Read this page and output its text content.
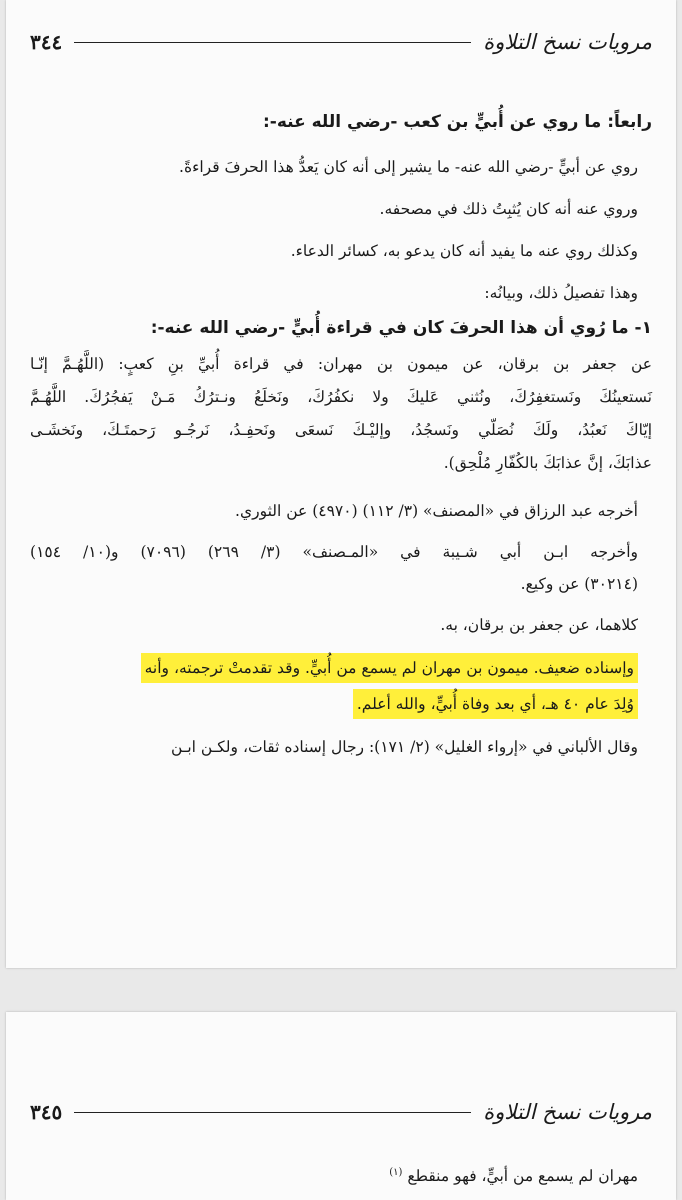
مرويات نسخ التلاوة
٣٤٤
رابعاً: ما روي عن أُبيٍّ بن كعب -رضي الله عنه-:
روي عن أبيٍّ -رضي الله عنه- ما يشير إلى أنه كان يَعدُّ هذا الحرفَ قراءةً.
وروي عنه أنه كان يُثبِتُ ذلك في مصحفه.
وكذلك روي عنه ما يفيد أنه كان يدعو به، كسائر الدعاء.
وهذا تفصيلُ ذلك، وبيانُه:
١- ما رُوي أن هذا الحرفَ كان في قراءة أُبيٍّ -رضي الله عنه-:
عن جعفر بن برقان، عن ميمون بن مهران: في قراءة أُبيِّ بنِ كعبٍ: (اللَّهُـمَّ إنّـا
نَستعينُكَ ونَستغفِرُكَ، ونُثني عَليكَ ولا نكفُرُكَ، ونَخلَعُ ونـترُكُ مَـنْ يَفجُرُكَ. اللَّهُـمَّ
إيّاكَ نَعبُدُ، ولَكَ نُصَلّي ونَسجُدُ، وإليْـكَ نَسعَى ونَحفِـدُ، نَرجُـو رَحمتَـكَ، ونَخشَـى
عذابَكَ، إنَّ عذابَكَ بالكُفّارِ مُلْحِق).
أخرجه عبد الرزاق في «المصنف» (٣/ ١١٢) (٤٩٧٠) عن الثوري.
وأخرجه ابـن أبي شـيبة في «المـصنف» (٣/ ٢٦٩) (٧٠٩٦) و(١٠/ ١٥٤)
(٣٠٢١٤) عن وكيع.
كلاهما، عن جعفر بن برقان، به.
وإسناده ضعيف. ميمون بن مهران لم يسمع من أُبيٍّ. وقد تقدمتْ ترجمته، وأنه
وُلِدَ عام ٤٠ هـ، أي بعد وفاة أُبيٍّ، والله أعلم.
وقال الألباني في «إرواء الغليل» (٢/ ١٧١): رجال إسناده ثقات، ولكـن ابـن
مرويات نسخ التلاوة
٣٤٥
مهران لم يسمع من أبيٍّ، فهو منقطع $^{(١)}$
